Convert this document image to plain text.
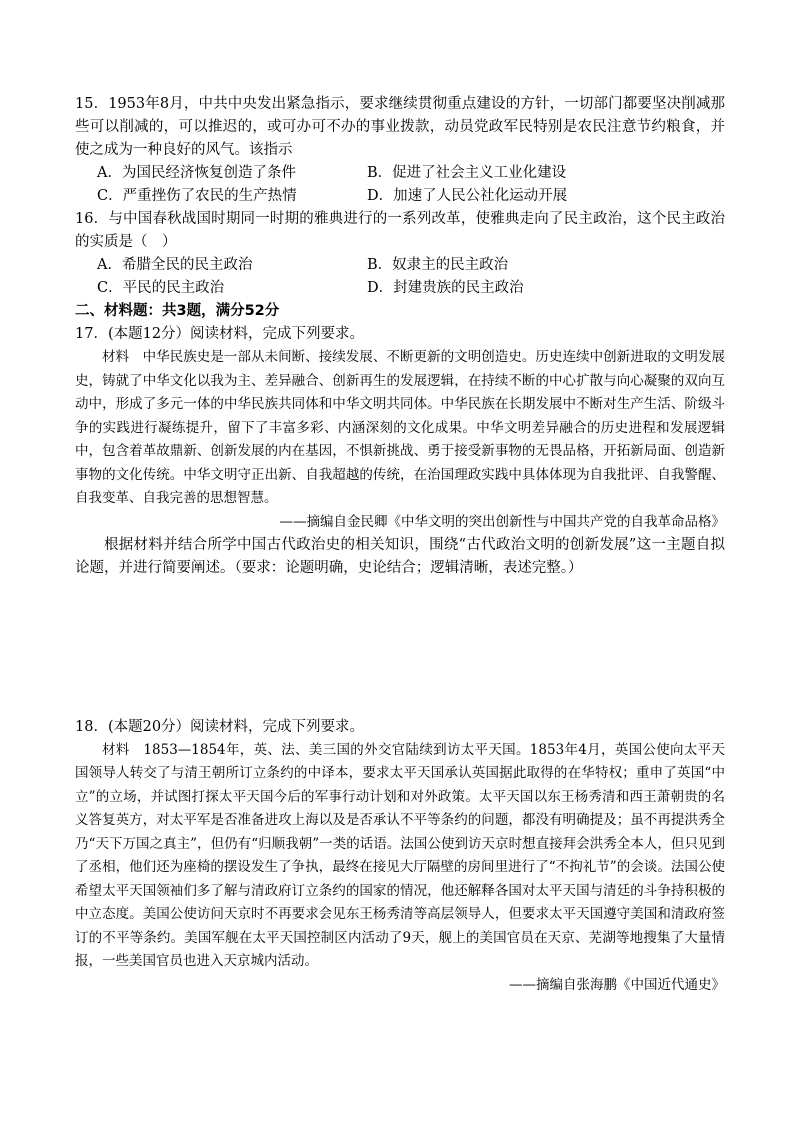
15．1953年8月，中共中央发出紧急指示，要求继续贯彻重点建设的方针，一切部门都要坚决削减那些可以削减的，可以推迟的，或可办可不办的事业拨款，动员党政军民特别是农民注意节约粮食，并使之成为一种良好的风气。该指示

A．为国民经济恢复创造了条件	B．促进了社会主义工业化建设
C．严重挫伤了农民的生产热情	D．加速了人民公社化运动开展

16．与中国春秋战国时期同一时期的雅典进行的一系列改革，使雅典走向了民主政治，这个民主政治的实质是（　）

A．希腊全民的民主政治	B．奴隶主的民主政治
C．平民的民主政治	D．封建贵族的民主政治
二、材料题：共3题，满分52分

17．(本题12分）阅读材料，完成下列要求。

材料　中华民族史是一部从未间断、接续发展、不断更新的文明创造史。历史连续中创新进取的文明发展史，铸就了中华文化以我为主、差异融合、创新再生的发展逻辑，在持续不断的中心扩散与向心凝聚的双向互动中，形成了多元一体的中华民族共同体和中华文明共同体。中华民族在长期发展中不断对生产生活、阶级斗争的实践进行凝练提升，留下了丰富多彩、内涵深刻的文化成果。中华文明差异融合的历史进程和发展逻辑中，包含着革故鼎新、创新发展的内在基因，不惧新挑战、勇于接受新事物的无畏品格，开拓新局面、创造新事物的文化传统。中华文明守正出新、自我超越的传统，在治国理政实践中具体体现为自我批评、自我警醒、自我变革、自我完善的思想智慧。

——摘编自金民卿《中华文明的突出创新性与中国共产党的自我革命品格》

根据材料并结合所学中国古代政治史的相关知识，围绕“古代政治文明的创新发展”这一主题自拟论题，并进行简要阐述。（要求：论题明确，史论结合；逻辑清晰，表述完整。）

18．(本题20分）阅读材料，完成下列要求。

材料　1853—1854年，英、法、美三国的外交官陆续到访太平天国。1853年4月，英国公使向太平天国领导人转交了与清王朝所订立条约的中译本，要求太平天国承认英国据此取得的在华特权；重申了英国“中立”的立场，并试图打探太平天国今后的军事行动计划和对外政策。太平天国以东王杨秀清和西王萧朝贵的名义答复英方，对太平军是否准备进攻上海以及是否承认不平等条约的问题，都没有明确提及；虽不再提洪秀全乃“天下万国之真主”，但仍有“归顺我朝”一类的话语。法国公使到访天京时想直接拜会洪秀全本人，但只见到了丞相，他们还为座椅的摆设发生了争执，最终在接见大厅隔壁的房间里进行了“不拘礼节”的会谈。法国公使希望太平天国领袖们多了解与清政府订立条约的国家的情况，他还解释各国对太平天国与清廷的斗争持积极的中立态度。美国公使访问天京时不再要求会见东王杨秀清等高层领导人，但要求太平天国遵守美国和清政府签订的不平等条约。美国军舰在太平天国控制区内活动了9天，舰上的美国官员在天京、芜湖等地搜集了大量情报，一些美国官员也进入天京城内活动。

——摘编自张海鹏《中国近代通史》
